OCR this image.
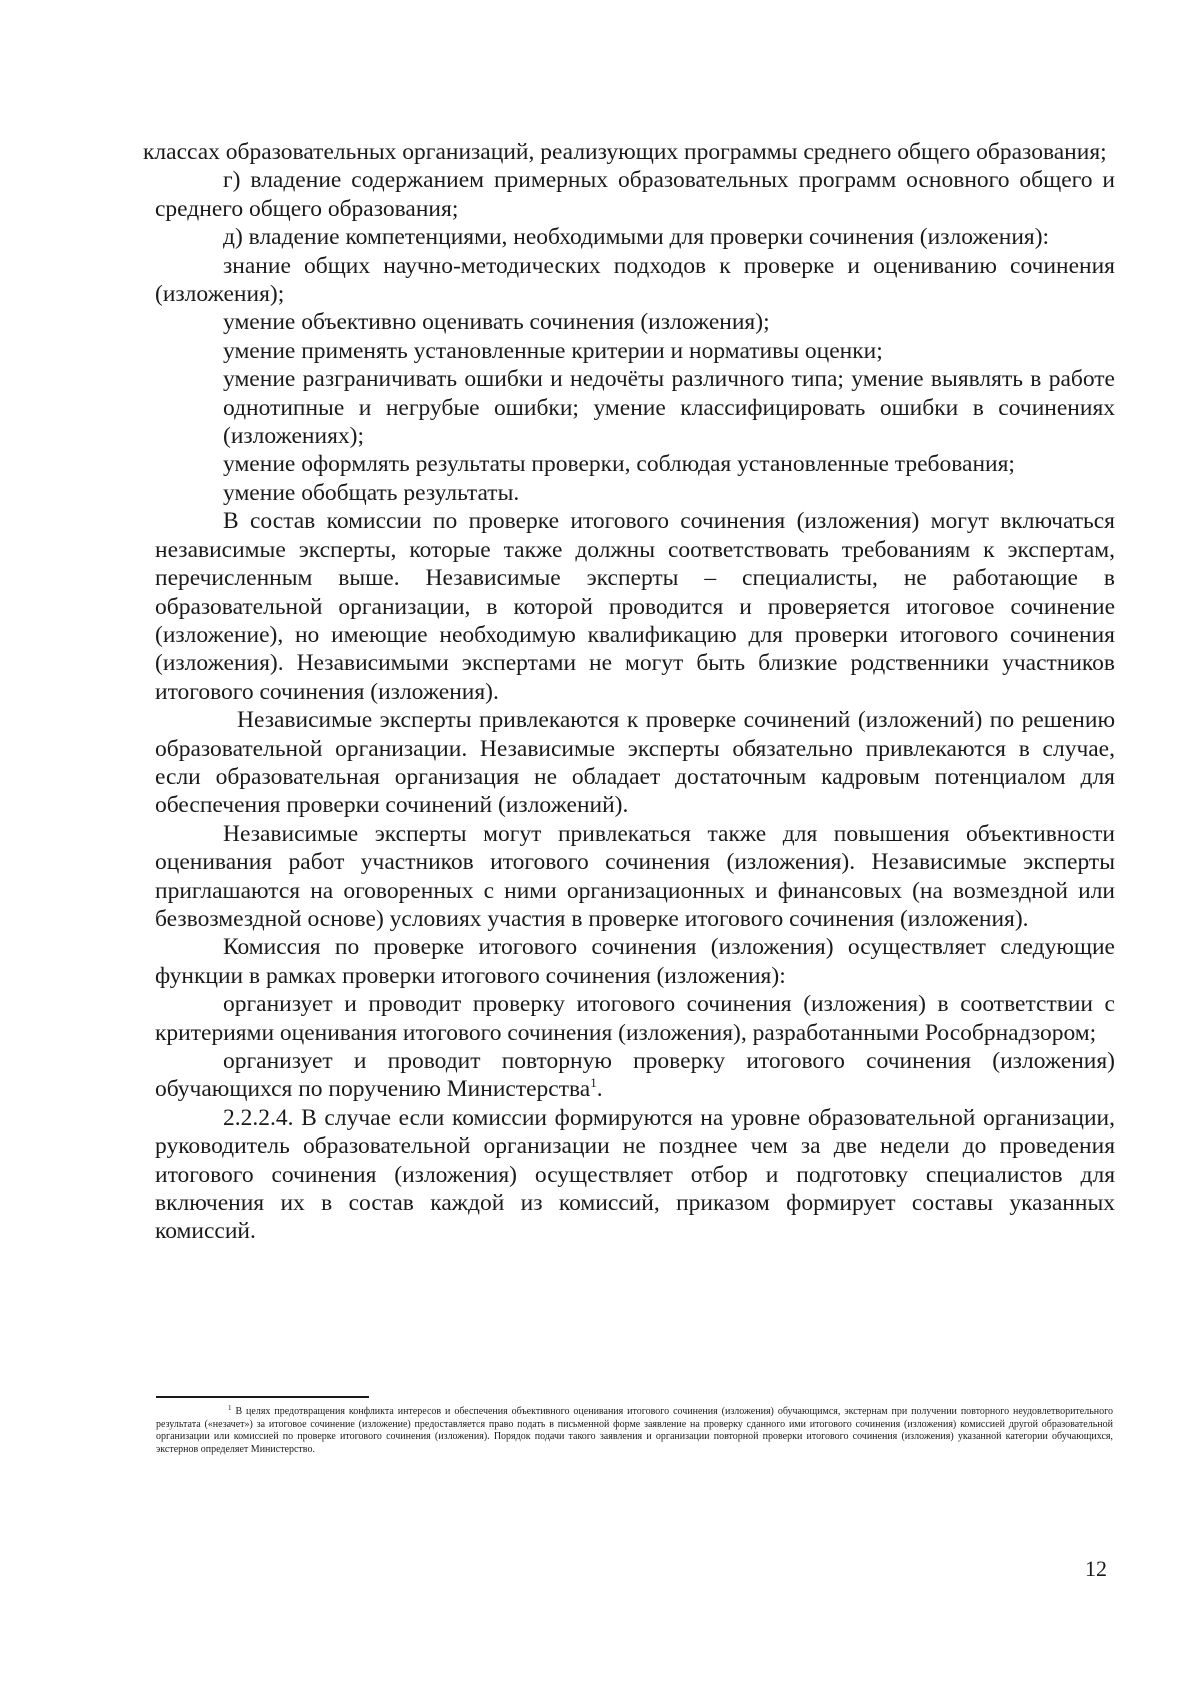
классах образовательных организаций, реализующих программы среднего общего образования;

г) владение содержанием примерных образовательных программ основного общего и среднего общего образования;

д) владение компетенциями, необходимыми для проверки сочинения (изложения):

знание общих научно-методических подходов к проверке и оцениванию сочинения (изложения);

умение объективно оценивать сочинения (изложения);

умение применять установленные критерии и нормативы оценки;

умение разграничивать ошибки и недочёты различного типа; умение выявлять в работе однотипные и негрубые ошибки; умение классифицировать ошибки в сочинениях (изложениях);

умение оформлять результаты проверки, соблюдая установленные требования;

умение обобщать результаты.

В состав комиссии по проверке итогового сочинения (изложения) могут включаться независимые эксперты, которые также должны соответствовать требованиям к экспертам, перечисленным выше. Независимые эксперты – специалисты, не работающие в образовательной организации, в которой проводится и проверяется итоговое сочинение (изложение), но имеющие необходимую квалификацию для проверки итогового сочинения (изложения). Независимыми экспертами не могут быть близкие родственники участников итогового сочинения (изложения).

Независимые эксперты привлекаются к проверке сочинений (изложений) по решению образовательной организации. Независимые эксперты обязательно привлекаются в случае, если образовательная организация не обладает достаточным кадровым потенциалом для обеспечения проверки сочинений (изложений).

Независимые эксперты могут привлекаться также для повышения объективности оценивания работ участников итогового сочинения (изложения). Независимые эксперты приглашаются на оговоренных с ними организационных и финансовых (на возмездной или безвозмездной основе) условиях участия в проверке итогового сочинения (изложения).

Комиссия по проверке итогового сочинения (изложения) осуществляет следующие функции в рамках проверки итогового сочинения (изложения):

организует и проводит проверку итогового сочинения (изложения) в соответствии с критериями оценивания итогового сочинения (изложения), разработанными Рособрнадзором;

организует и проводит повторную проверку итогового сочинения (изложения) обучающихся по поручению Министерства$^1$.

2.2.2.4. В случае если комиссии формируются на уровне образовательной организации, руководитель образовательной организации не позднее чем за две недели до проведения итогового сочинения (изложения) осуществляет отбор и подготовку специалистов для включения их в состав каждой из комиссий, приказом формирует составы указанных комиссий.

$^1$ В целях предотвращения конфликта интересов и обеспечения объективного оценивания итогового сочинения (изложения) обучающимся, экстернам при получении повторного неудовлетворительного результата («незачет») за итоговое сочинение (изложение) предоставляется право подать в письменной форме заявление на проверку сданного ими итогового сочинения (изложения) комиссией другой образовательной организации или комиссией по проверке итогового сочинения (изложения). Порядок подачи такого заявления и организации повторной проверки итогового сочинения (изложения) указанной категории обучающихся, экстернов определяет Министерство.
12
